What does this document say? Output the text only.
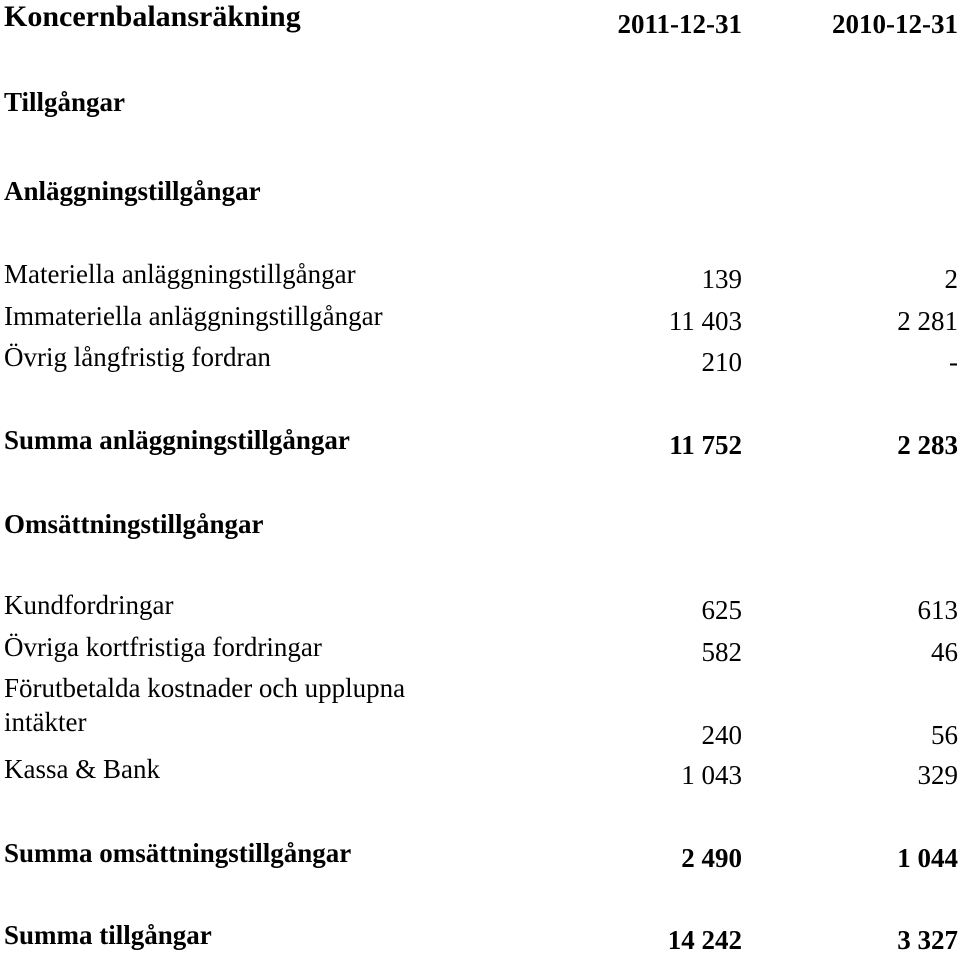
Koncernbalansräkning	2011-12-31	2010-12-31
Tillgångar
Anläggningstillgångar
Materiella anläggningstillgångar	139	2
Immateriella anläggningstillgångar	11 403	2 281
Övrig långfristig fordran	210	-
Summa anläggningstillgångar	11 752	2 283
Omsättningstillgångar
Kundfordringar	625	613
Övriga kortfristiga fordringar	582	46
Förutbetalda kostnader och upplupna
intäkter	240	56
Kassa & Bank	1 043	329
Summa omsättningstillgångar	2 490	1 044
Summa tillgångar	14 242	3 327
